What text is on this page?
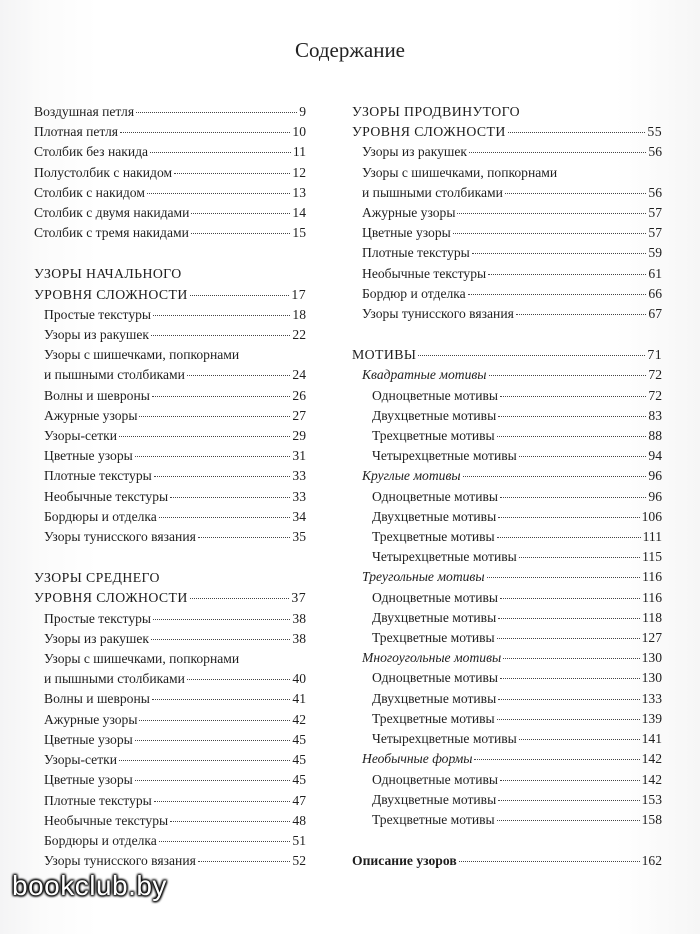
Содержание
Воздушная петля	9
Плотная петля	10
Столбик без накида	11
Полустолбик с накидом	12
Столбик с накидом	13
Столбик с двумя накидами	14
Столбик с тремя накидами	15
УЗОРЫ НАЧАЛЬНОГО
УРОВНЯ СЛОЖНОСТИ	17
Простые текстуры	18
Узоры из ракушек	22
Узоры с шишечками, попкорнами
и пышными столбиками	24
Волны и шевроны	26
Ажурные узоры	27
Узоры-сетки	29
Цветные узоры	31
Плотные текстуры	33
Необычные текстуры	33
Бордюры и отделка	34
Узоры тунисского вязания	35
УЗОРЫ СРЕДНЕГО
УРОВНЯ СЛОЖНОСТИ	37
Простые текстуры	38
Узоры из ракушек	38
Узоры с шишечками, попкорнами
и пышными столбиками	40
Волны и шевроны	41
Ажурные узоры	42
Цветные узоры	45
Узоры-сетки	45
Цветные узоры	45
Плотные текстуры	47
Необычные текстуры	48
Бордюры и отделка	51
Узоры тунисского вязания	52
УЗОРЫ ПРОДВИНУТОГО
УРОВНЯ СЛОЖНОСТИ	55
Узоры из ракушек	56
Узоры с шишечками, попкорнами
и пышными столбиками	56
Ажурные узоры	57
Цветные узоры	57
Плотные текстуры	59
Необычные текстуры	61
Бордюр и отделка	66
Узоры тунисского вязания	67
МОТИВЫ	71
Квадратные мотивы	72
Одноцветные мотивы	72
Двухцветные мотивы	83
Трехцветные мотивы	88
Четырехцветные мотивы	94
Круглые мотивы	96
Одноцветные мотивы	96
Двухцветные мотивы	106
Трехцветные мотивы	111
Четырехцветные мотивы	115
Треугольные мотивы	116
Одноцветные мотивы	116
Двухцветные мотивы	118
Трехцветные мотивы	127
Многоугольные мотивы	130
Одноцветные мотивы	130
Двухцветные мотивы	133
Трехцветные мотивы	139
Четырехцветные мотивы	141
Необычные формы	142
Одноцветные мотивы	142
Двухцветные мотивы	153
Трехцветные мотивы	158
Описание узоров	162
bookclub.by
